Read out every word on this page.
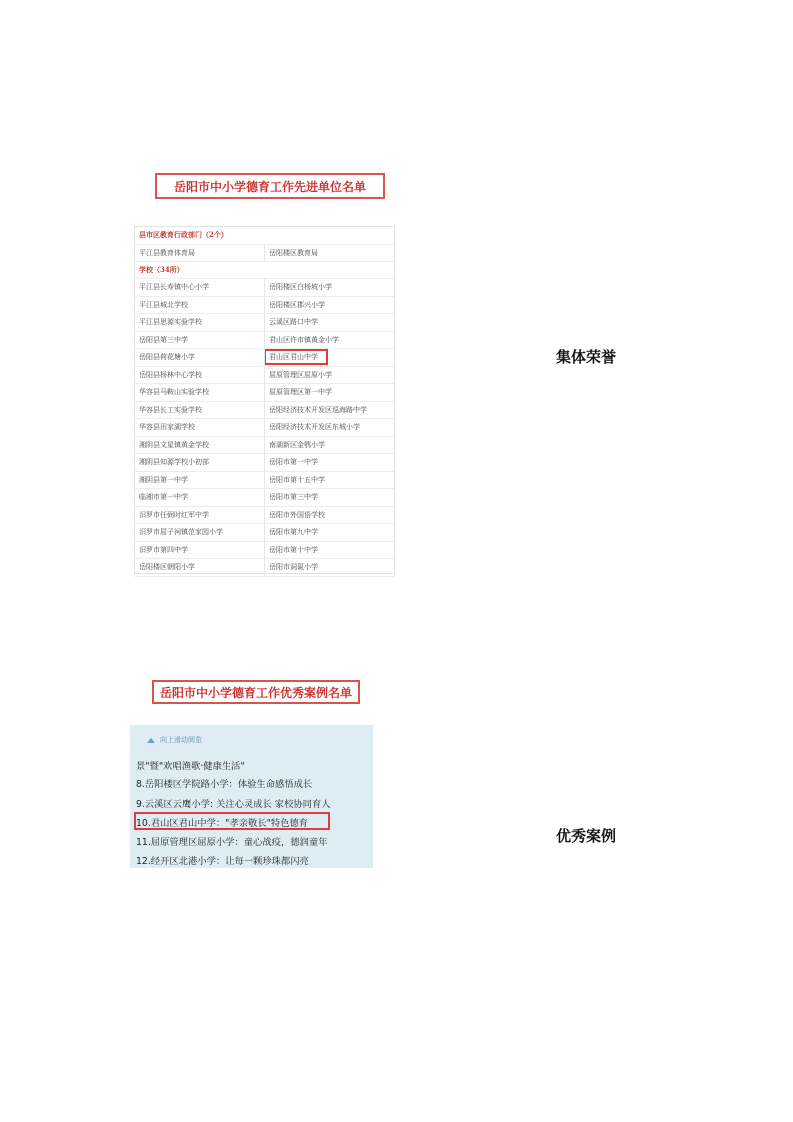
岳阳市中小学德育工作先进单位名单
县市区教育行政部门（2个）	
平江县教育体育局	岳阳楼区教育局
学校（34所）	
平江县长寿镇中心小学	岳阳楼区白杨坡小学
平江县城北学校	岳阳楼区郡兴小学
平江县思源实验学校	云溪区路口中学
岳阳县第三中学	君山区许市镇黄金小学
岳阳县荷花塘小学	君山区君山中学
岳阳县杨林中心学校	屈原管理区屈原小学
华容县马鞍山实验学校	屈原管理区第一中学
华容县长工实验学校	岳阳经济技术开发区巡海路中学
华容县田家湖学校	岳阳经济技术开发区东城小学
湘阴县文星镇黄金学校	南湖新区金鹗小学
湘阴县知源学校小初部	岳阳市第一中学
湘阴县第一中学	岳阳市第十五中学
临湘市第一中学	岳阳市第三中学
汨罗市任弼时红军中学	岳阳市外国语学校
汨罗市屈子祠镇范家园小学	岳阳市第九中学
汨罗市第四中学	岳阳市第十中学
岳阳楼区朝阳小学	岳阳市洞氮小学
集体荣誉
岳阳市中小学德育工作优秀案例名单
向上滑动阅览
景"暨"欢唱渔歌·健康生活"
8.岳阳楼区学院路小学：体验生命感悟成长
9.云溪区云鹰小学: 关注心灵成长 家校协同育人
10.君山区君山中学："孝亲敬长"特色德育
11.屈原管理区屈原小学：童心战疫，德润童年
12.经开区北港小学：让每一颗珍珠都闪亮
优秀案例
